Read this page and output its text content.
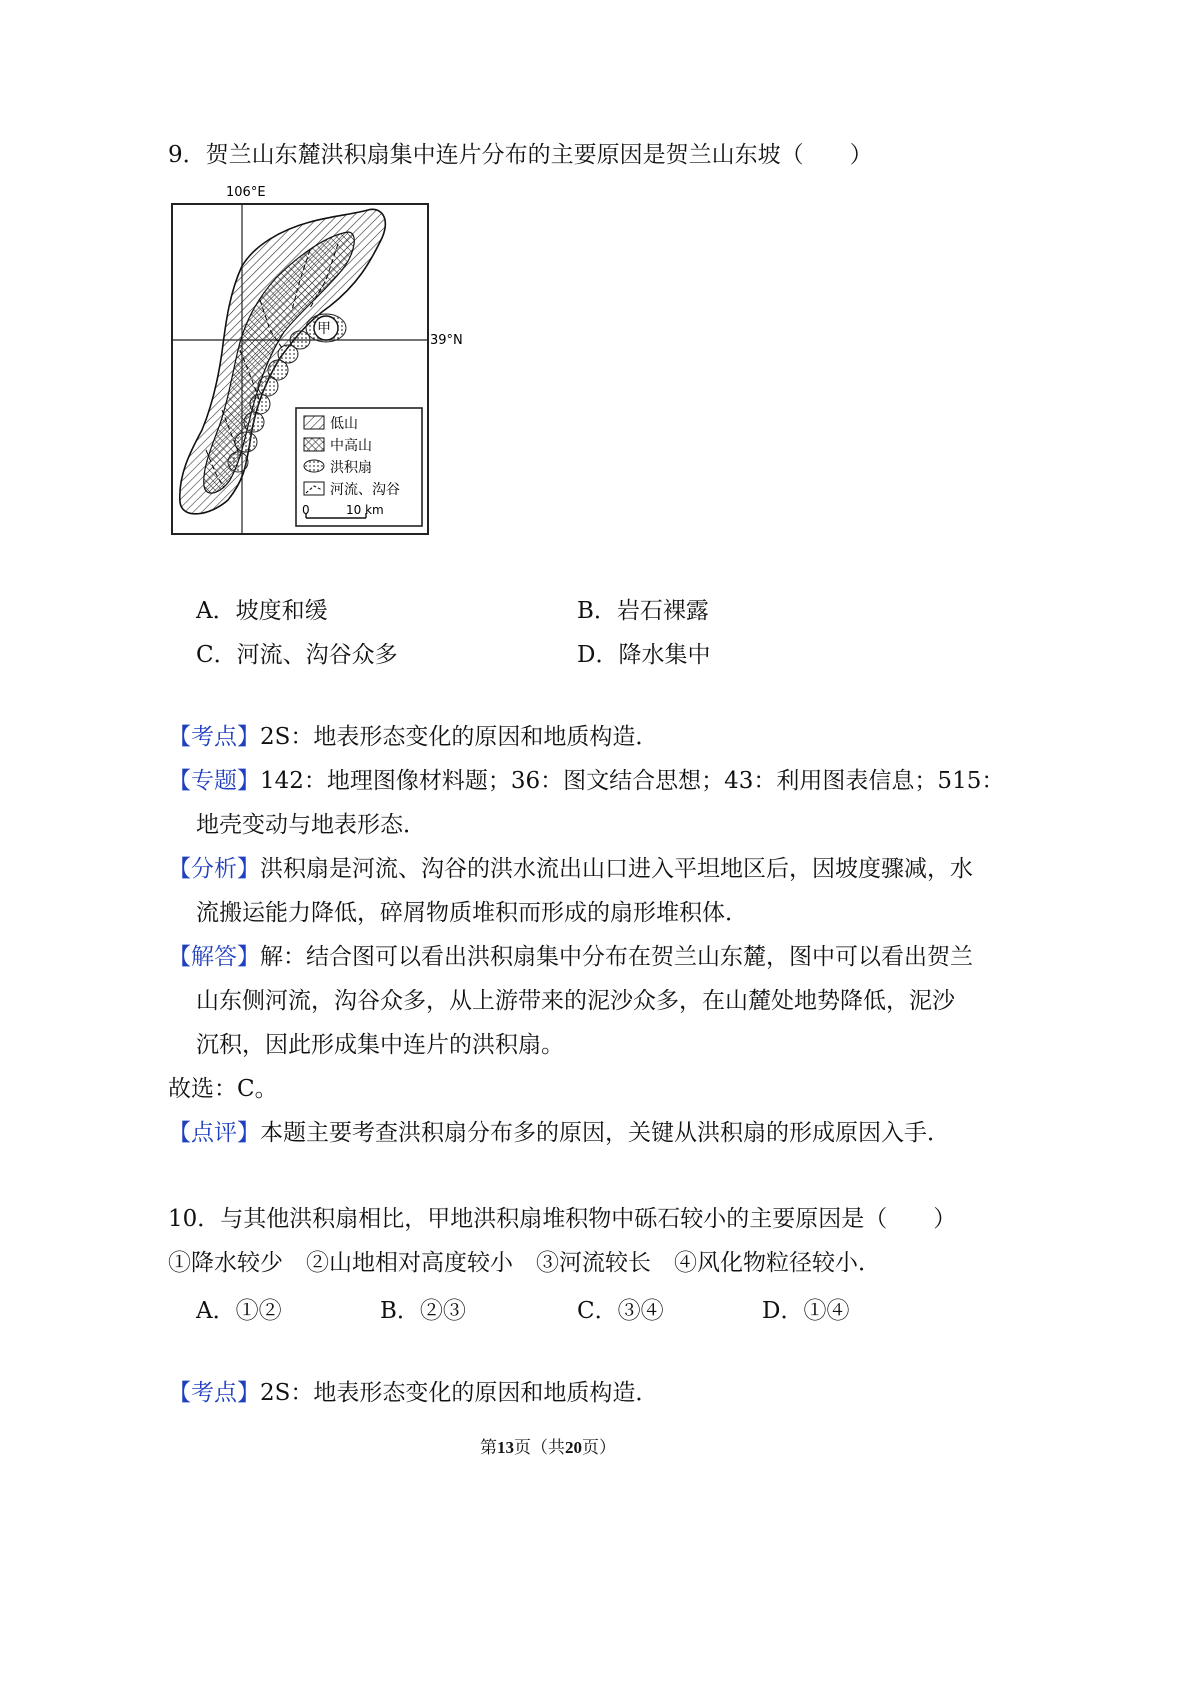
9．贺兰山东麓洪积扇集中连片分布的主要原因是贺兰山东坡（　　）
106°E
39°N
甲
低山
中高山
洪积扇
河流、沟谷
0	10 km
A．坡度和缓	B．岩石裸露
C．河流、沟谷众多	D．降水集中
【考点】2S：地表形态变化的原因和地质构造．
【专题】142：地理图像材料题；36：图文结合思想；43：利用图表信息；515：
地壳变动与地表形态．
【分析】洪积扇是河流、沟谷的洪水流出山口进入平坦地区后，因坡度骤减，水
流搬运能力降低，碎屑物质堆积而形成的扇形堆积体．
【解答】解：结合图可以看出洪积扇集中分布在贺兰山东麓，图中可以看出贺兰
山东侧河流，沟谷众多，从上游带来的泥沙众多，在山麓处地势降低，泥沙
沉积，因此形成集中连片的洪积扇。
故选：C。
【点评】本题主要考查洪积扇分布多的原因，关键从洪积扇的形成原因入手．
10．与其他洪积扇相比，甲地洪积扇堆积物中砾石较小的主要原因是（　　）
①降水较少　②山地相对高度较小　③河流较长　④风化物粒径较小．
A．①②	B．②③	C．③④	D．①④
【考点】2S：地表形态变化的原因和地质构造．
第13页（共20页）
